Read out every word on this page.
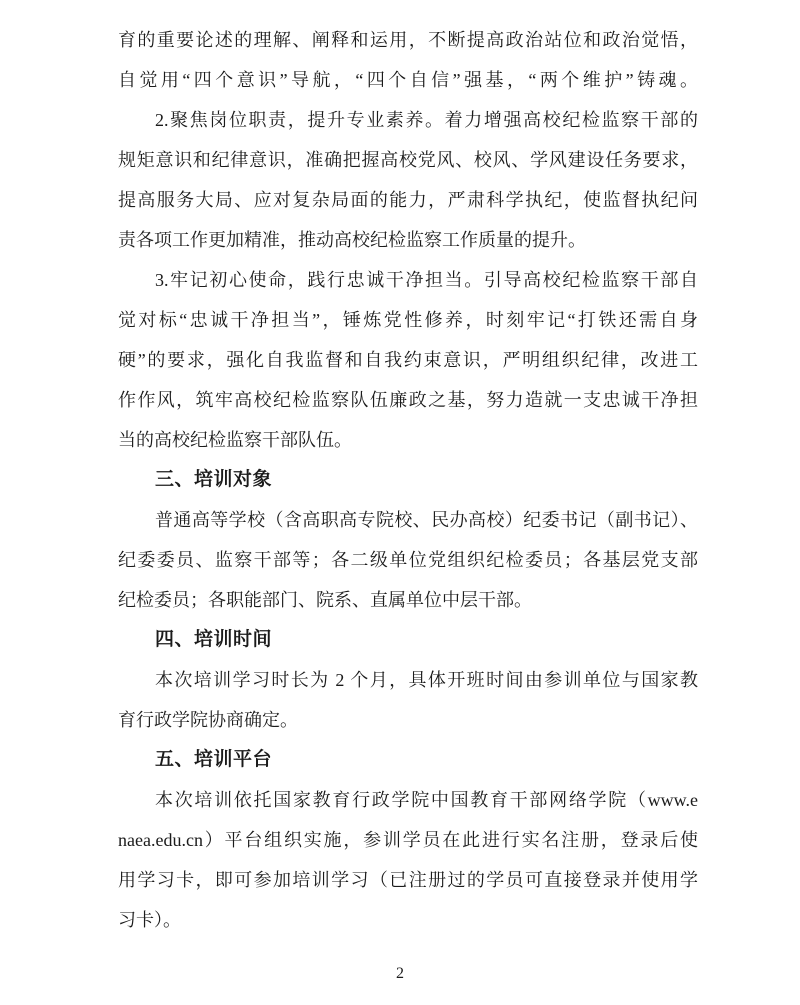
育的重要论述的理解、阐释和运用，不断提高政治站位和政治觉悟，
自觉用“四个意识”导航，“四个自信”强基，“两个维护”铸魂。
2.聚焦岗位职责，提升专业素养。着力增强高校纪检监察干部的
规矩意识和纪律意识，准确把握高校党风、校风、学风建设任务要求，
提高服务大局、应对复杂局面的能力，严肃科学执纪，使监督执纪问
责各项工作更加精准，推动高校纪检监察工作质量的提升。
3.牢记初心使命，践行忠诚干净担当。引导高校纪检监察干部自
觉对标“忠诚干净担当”，锤炼党性修养，时刻牢记“打铁还需自身
硬”的要求，强化自我监督和自我约束意识，严明组织纪律，改进工
作作风，筑牢高校纪检监察队伍廉政之基，努力造就一支忠诚干净担
当的高校纪检监察干部队伍。
三、培训对象
普通高等学校（含高职高专院校、民办高校）纪委书记（副书记）、
纪委委员、监察干部等；各二级单位党组织纪检委员；各基层党支部
纪检委员；各职能部门、院系、直属单位中层干部。
四、培训时间
本次培训学习时长为 2 个月，具体开班时间由参训单位与国家教
育行政学院协商确定。
五、培训平台
本次培训依托国家教育行政学院中国教育干部网络学院（www.e
naea.edu.cn）平台组织实施，参训学员在此进行实名注册，登录后使
用学习卡，即可参加培训学习（已注册过的学员可直接登录并使用学
习卡）。
2
